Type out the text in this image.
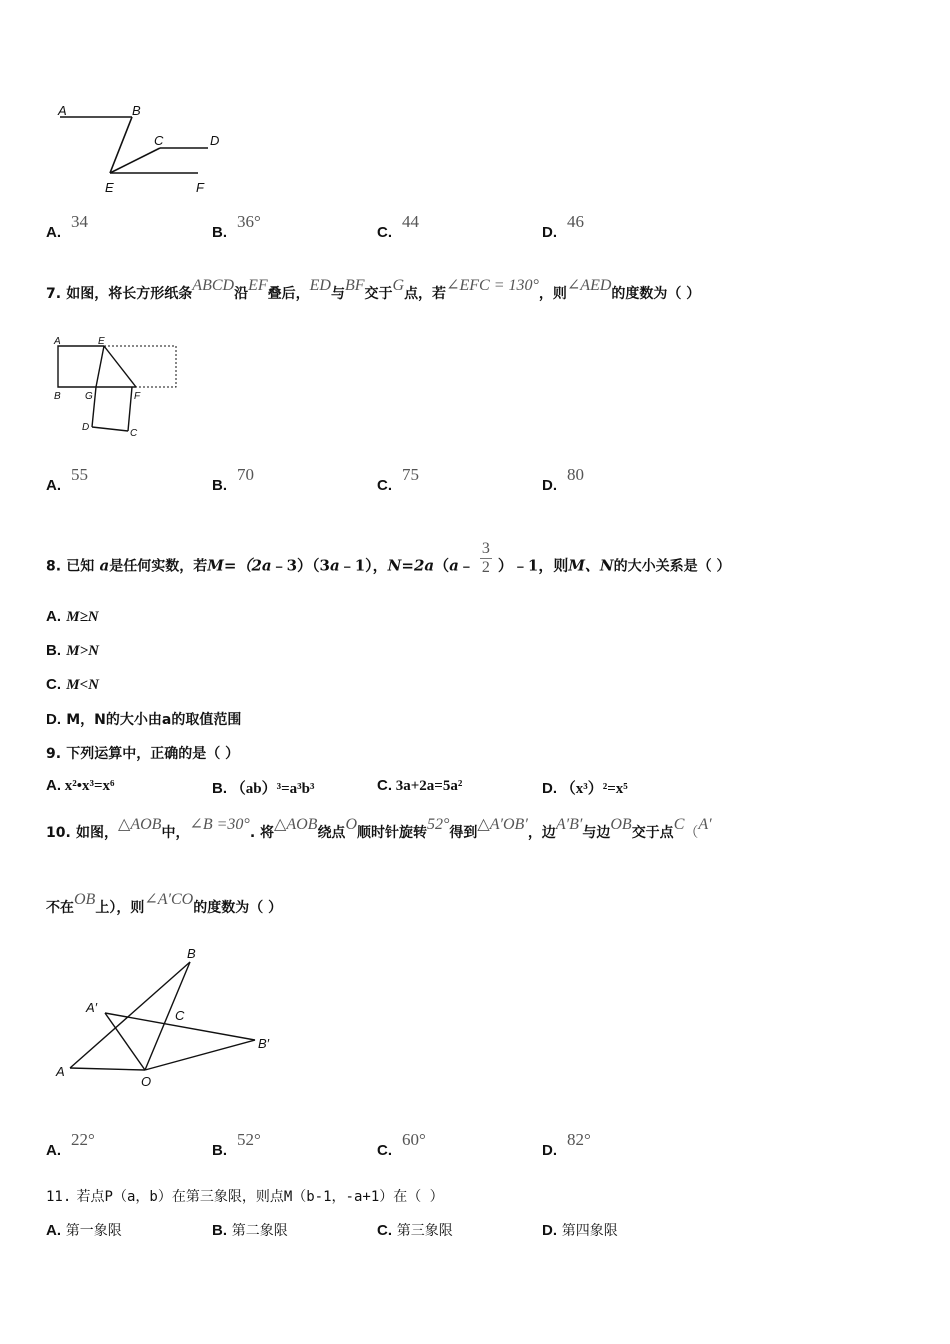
A	B
C	D
E	F
A.34
B.36°
C.44
D.46
7. 如图，将长方形纸条ABCD沿EF叠后，ED与BF交于G点，若∠EFC = 130°，则∠AED的度数为（ ）
A	E
B G	F
D
C
A.55
B.70
C.75
D.80
8. 已知 a是任何实数，若M=（2a﹣3）（3a﹣1），N=2a（a﹣ $\frac{3}{2}$ ）﹣1，则M、N的大小关系是（ ）
A. M≥N
B. M>N
C. M<N
D. M，N的大小由a的取值范围
9. 下列运算中，正确的是（ ）
A. x²•x³=x⁶	B. （ab）³=a³b³	C. 3a+2a=5a²	D. （x³）²=x⁵
10. 如图，△AOB中，∠B =30°. 将△AOB绕点O顺时针旋转52°得到△A′OB′，边A′B′与边OB交于点C（A′
不在OB上），则∠A′CO的度数为（ ）
B
A′
C
B′
A
O
A.22°
B.52°
C.60°
D.82°
11. 若点P（a，b）在第三象限，则点M（b-1，-a+1）在（ ）
A. 第一象限	B. 第二象限	C. 第三象限	D. 第四象限
